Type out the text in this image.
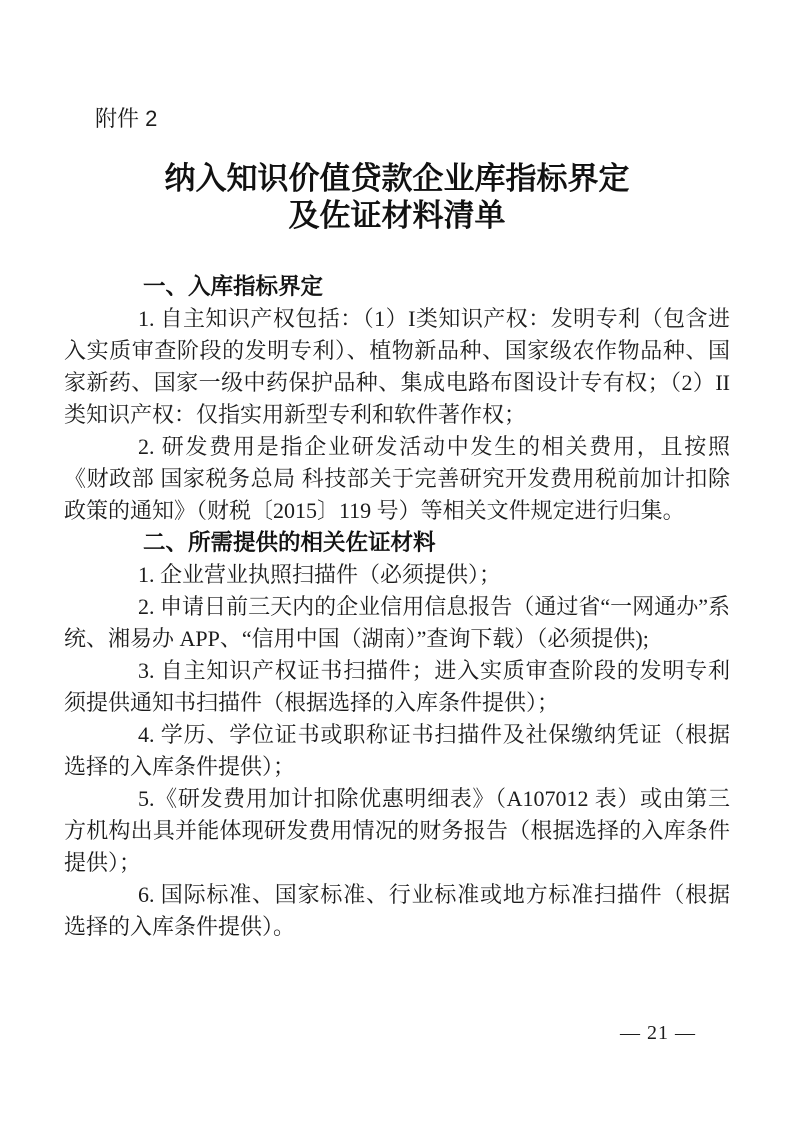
附件 2
纳入知识价值贷款企业库指标界定
及佐证材料清单
一、入库指标界定

1. 自主知识产权包括：（1）I类知识产权：发明专利（包含进入实质审查阶段的发明专利）、植物新品种、国家级农作物品种、国家新药、国家一级中药保护品种、集成电路布图设计专有权；（2）II类知识产权：仅指实用新型专利和软件著作权；

2. 研发费用是指企业研发活动中发生的相关费用，且按照《财政部 国家税务总局 科技部关于完善研究开发费用税前加计扣除政策的通知》（财税〔2015〕119 号）等相关文件规定进行归集。

二、所需提供的相关佐证材料

1. 企业营业执照扫描件（必须提供）；

2. 申请日前三天内的企业信用信息报告（通过省“一网通办”系统、湘易办 APP、“信用中国（湖南）”查询下载）（必须提供);

3. 自主知识产权证书扫描件；进入实质审查阶段的发明专利须提供通知书扫描件（根据选择的入库条件提供）；

4. 学历、学位证书或职称证书扫描件及社保缴纳凭证（根据选择的入库条件提供）；

5.《研发费用加计扣除优惠明细表》（A107012 表）或由第三方机构出具并能体现研发费用情况的财务报告（根据选择的入库条件提供）；

6. 国际标准、国家标准、行业标准或地方标准扫描件（根据选择的入库条件提供）。

— 21 —
